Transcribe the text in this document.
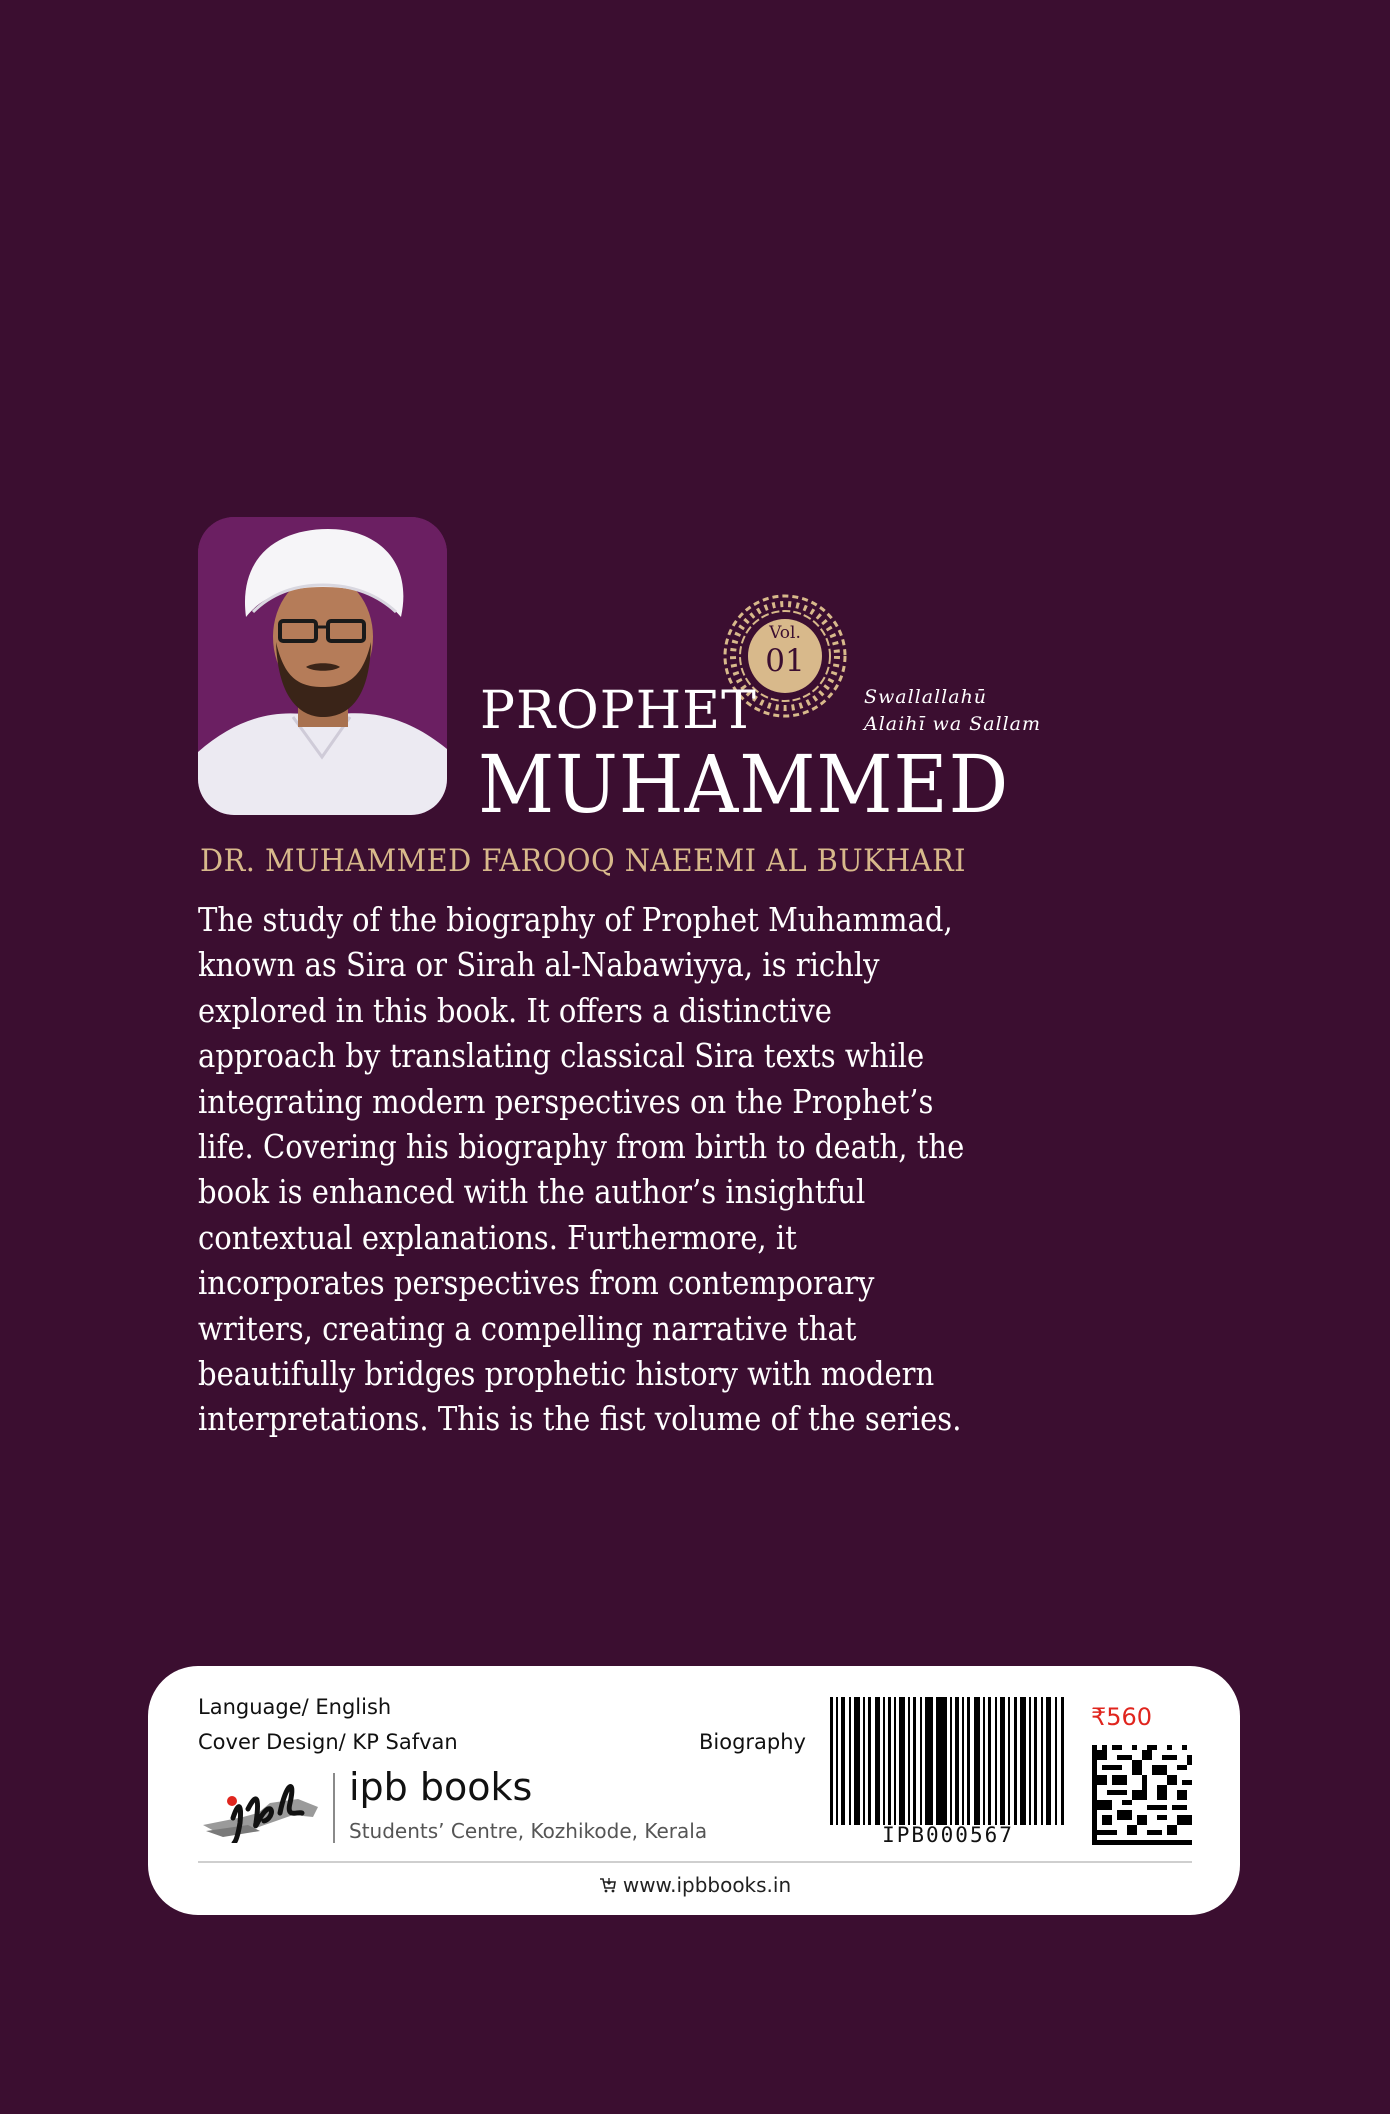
Vol.
01
PROPHET
MUHAMMED
Swallallahū
Alaihī wa Sallam
DR. MUHAMMED FAROOQ NAEEMI AL BUKHARI
The study of the biography of Prophet Muhammad,
known as Sira or Sirah al-Nabawiyya, is richly
explored in this book. It offers a distinctive
approach by translating classical Sira texts while
integrating modern perspectives on the Prophet’s
life. Covering his biography from birth to death, the
book is enhanced with the author’s insightful
contextual explanations. Furthermore, it
incorporates perspectives from contemporary
writers, creating a compelling narrative that
beautifully bridges prophetic history with modern
interpretations. This is the fist volume of the series.
Language/ English
Cover Design/ KP Safvan	Biography
ipb books
Students’ Centre, Kozhikode, Kerala	IPB000567
₹560
www.ipbbooks.in
